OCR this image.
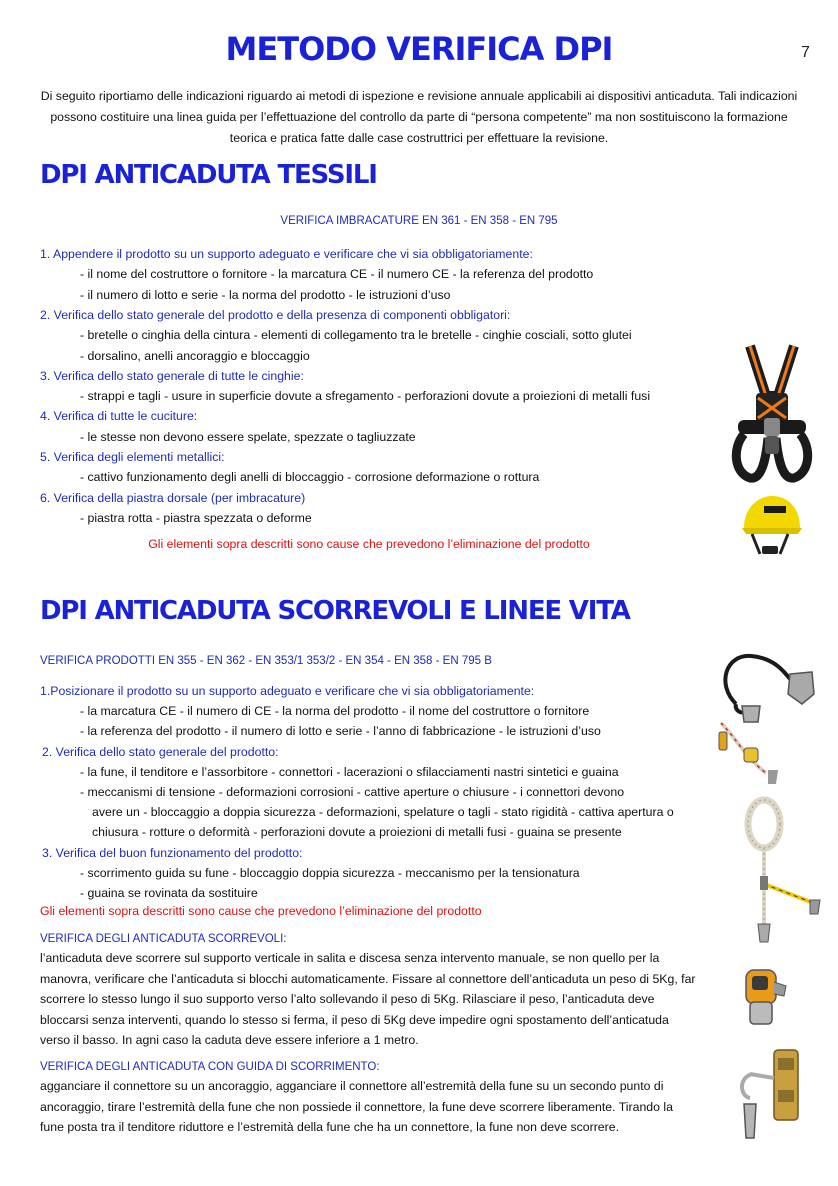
METODO VERIFICA DPI	7
Di seguito riportiamo delle indicazioni riguardo ai metodi di ispezione e revisione annuale applicabili ai dispositivi anticaduta. Tali indicazioni possono costituire una linea guida per l’effettuazione del controllo da parte di “persona competente” ma non sostituiscono la formazione teorica e pratica fatte dalle case costruttrici per effettuare la revisione.
DPI ANTICADUTA TESSILI
VERIFICA IMBRACATURE EN 361 - EN 358 - EN 795
1. Appendere il prodotto su un supporto adeguato e verificare che vi sia obbligatoriamente:
- il nome del costruttore o fornitore - la marcatura CE - il numero CE - la referenza del prodotto
- il numero di lotto e serie - la norma del prodotto - le istruzioni d’uso
2. Verifica dello stato generale del prodotto e della presenza di componenti obbligatori:
- bretelle o cinghia della cintura - elementi di collegamento tra le bretelle - cinghie cosciali, sotto glutei
- dorsalino, anelli ancoraggio e bloccaggio
3. Verifica dello stato generale di tutte le cinghie:
- strappi e tagli - usure in superficie dovute a sfregamento - perforazioni dovute a proiezioni di metalli fusi
4. Verifica di tutte le cuciture:
- le stesse non devono essere spelate, spezzate o tagliuzzate
5. Verifica degli elementi metallici:
- cattivo funzionamento degli anelli di bloccaggio - corrosione deformazione o rottura
6. Verifica della piastra dorsale (per imbracature)
- piastra rotta - piastra spezzata o deforme
Gli elementi sopra descritti sono cause che prevedono l’eliminazione del prodotto
DPI ANTICADUTA SCORREVOLI E LINEE VITA
VERIFICA PRODOTTI EN 355 - EN 362 - EN 353/1 353/2 - EN 354 - EN 358 - EN 795 B
1.Posizionare il prodotto su un supporto adeguato e verificare che vi sia obbligatoriamente:
- la marcatura CE - il numero di CE - la norma del prodotto - il nome del costruttore o fornitore
- la referenza del prodotto - il numero di lotto e serie - l’anno di fabbricazione - le istruzioni d’uso
2. Verifica dello stato generale del prodotto:
- la fune, il tenditore e l’assorbitore - connettori - lacerazioni o sfilacciamenti nastri sintetici e guaina
- meccanismi di tensione - deformazioni corrosioni - cattive aperture o chiusure - i connettori devono
avere un - bloccaggio a doppia sicurezza - deformazioni, spelature o tagli - stato rigidità - cattiva apertura o
chiusura - rotture o deformità - perforazioni dovute a proiezioni di metalli fusi - guaina se presente
3. Verifica del buon funzionamento del prodotto:
- scorrimento guida su fune - bloccaggio doppia sicurezza - meccanismo per la tensionatura
- guaina se rovinata da sostituire
Gli elementi sopra descritti sono cause che prevedono l’eliminazione del prodotto
VERIFICA DEGLI ANTICADUTA SCORREVOLI:
l’anticaduta deve scorrere sul supporto verticale in salita e discesa senza intervento manuale, se non quello per la manovra, verificare che l’anticaduta si blocchi automaticamente. Fissare al connettore dell’anticaduta un peso di 5Kg, far scorrere lo stesso lungo il suo supporto verso l’alto sollevando il peso di 5Kg. Rilasciare il peso, l’anticaduta deve bloccarsi senza interventi, quando lo stesso si ferma, il peso di 5Kg deve impedire ogni spostamento dell’anticatuda verso il basso. In agni caso la caduta deve essere inferiore a 1 metro.
VERIFICA DEGLI ANTICADUTA CON GUIDA DI SCORRIMENTO:
agganciare il connettore su un ancoraggio, agganciare il connettore all’estremità della fune su un secondo punto di ancoraggio, tirare l’estremità della fune che non possiede il connettore, la fune deve scorrere liberamente. Tirando la fune posta tra il tenditore riduttore e l’estremità della fune che ha un connettore, la fune non deve scorrere.
